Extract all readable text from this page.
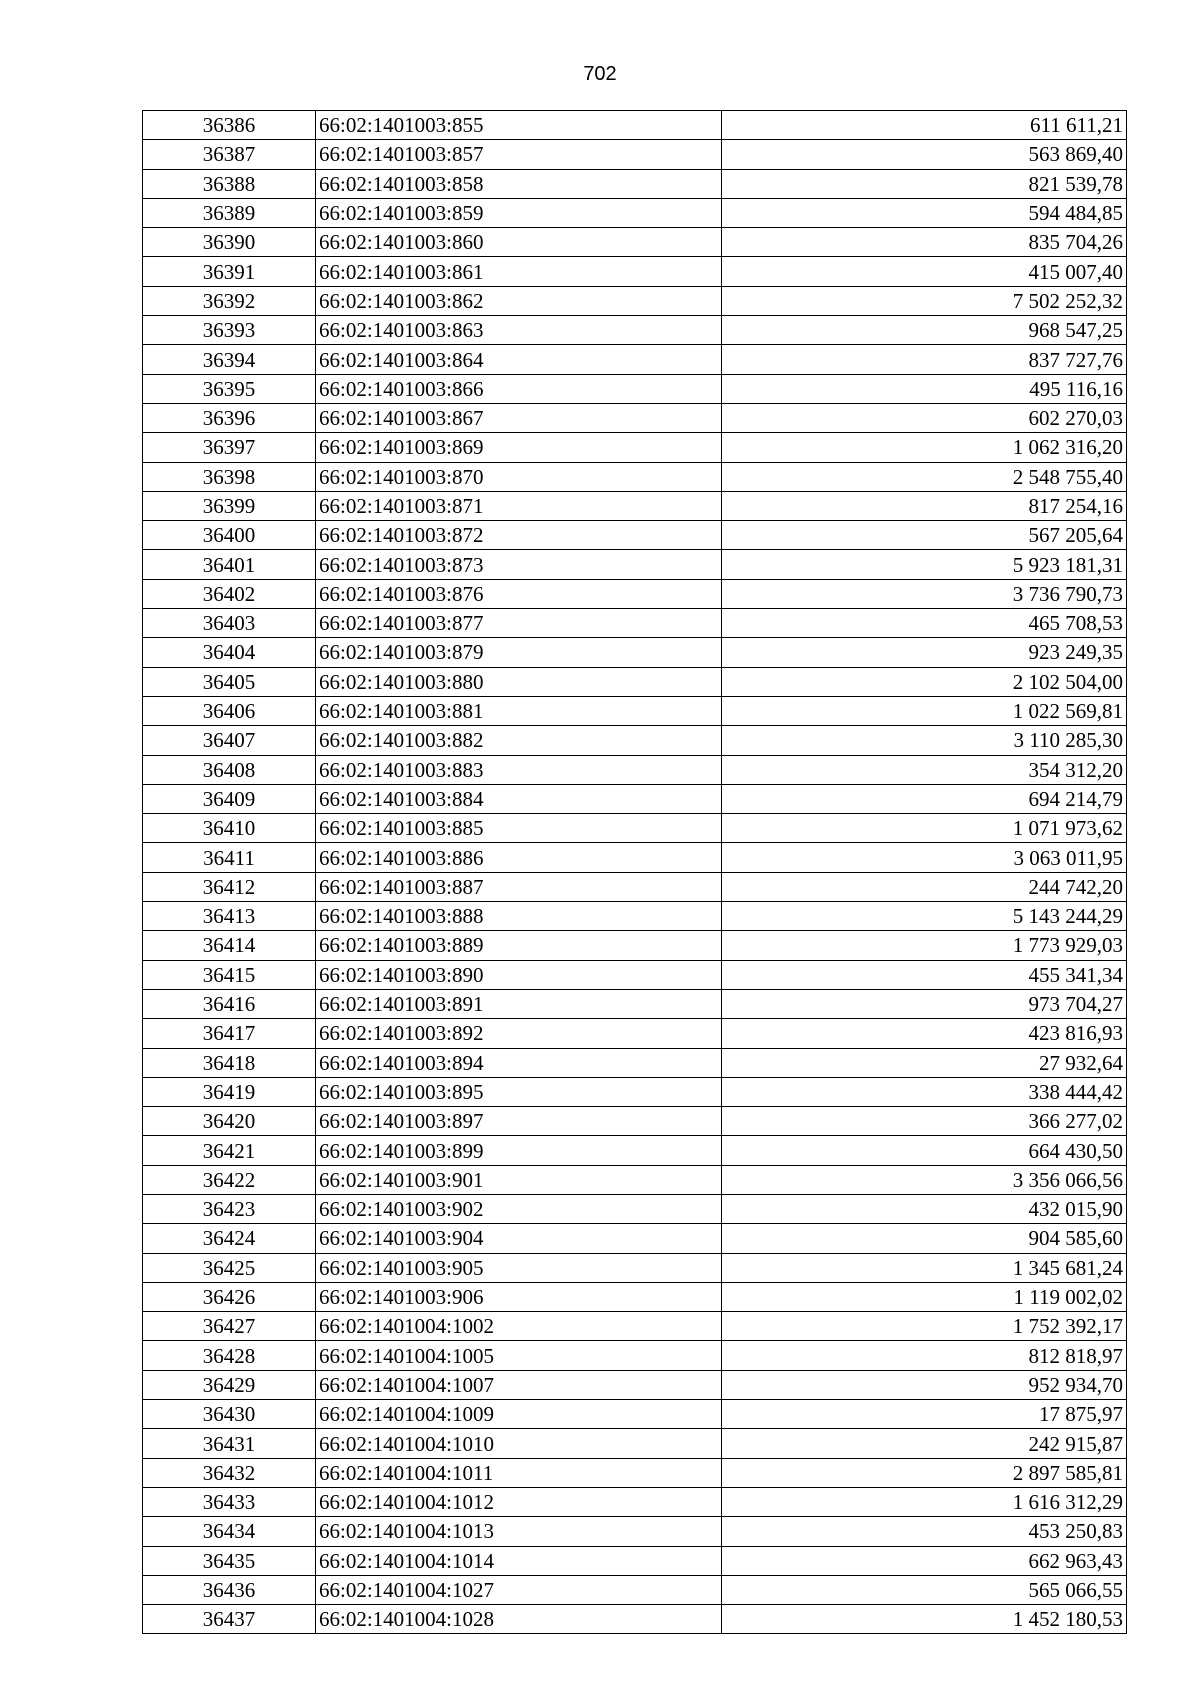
702
36386	66:02:1401003:855	611 611,21
36387	66:02:1401003:857	563 869,40
36388	66:02:1401003:858	821 539,78
36389	66:02:1401003:859	594 484,85
36390	66:02:1401003:860	835 704,26
36391	66:02:1401003:861	415 007,40
36392	66:02:1401003:862	7 502 252,32
36393	66:02:1401003:863	968 547,25
36394	66:02:1401003:864	837 727,76
36395	66:02:1401003:866	495 116,16
36396	66:02:1401003:867	602 270,03
36397	66:02:1401003:869	1 062 316,20
36398	66:02:1401003:870	2 548 755,40
36399	66:02:1401003:871	817 254,16
36400	66:02:1401003:872	567 205,64
36401	66:02:1401003:873	5 923 181,31
36402	66:02:1401003:876	3 736 790,73
36403	66:02:1401003:877	465 708,53
36404	66:02:1401003:879	923 249,35
36405	66:02:1401003:880	2 102 504,00
36406	66:02:1401003:881	1 022 569,81
36407	66:02:1401003:882	3 110 285,30
36408	66:02:1401003:883	354 312,20
36409	66:02:1401003:884	694 214,79
36410	66:02:1401003:885	1 071 973,62
36411	66:02:1401003:886	3 063 011,95
36412	66:02:1401003:887	244 742,20
36413	66:02:1401003:888	5 143 244,29
36414	66:02:1401003:889	1 773 929,03
36415	66:02:1401003:890	455 341,34
36416	66:02:1401003:891	973 704,27
36417	66:02:1401003:892	423 816,93
36418	66:02:1401003:894	27 932,64
36419	66:02:1401003:895	338 444,42
36420	66:02:1401003:897	366 277,02
36421	66:02:1401003:899	664 430,50
36422	66:02:1401003:901	3 356 066,56
36423	66:02:1401003:902	432 015,90
36424	66:02:1401003:904	904 585,60
36425	66:02:1401003:905	1 345 681,24
36426	66:02:1401003:906	1 119 002,02
36427	66:02:1401004:1002	1 752 392,17
36428	66:02:1401004:1005	812 818,97
36429	66:02:1401004:1007	952 934,70
36430	66:02:1401004:1009	17 875,97
36431	66:02:1401004:1010	242 915,87
36432	66:02:1401004:1011	2 897 585,81
36433	66:02:1401004:1012	1 616 312,29
36434	66:02:1401004:1013	453 250,83
36435	66:02:1401004:1014	662 963,43
36436	66:02:1401004:1027	565 066,55
36437	66:02:1401004:1028	1 452 180,53
